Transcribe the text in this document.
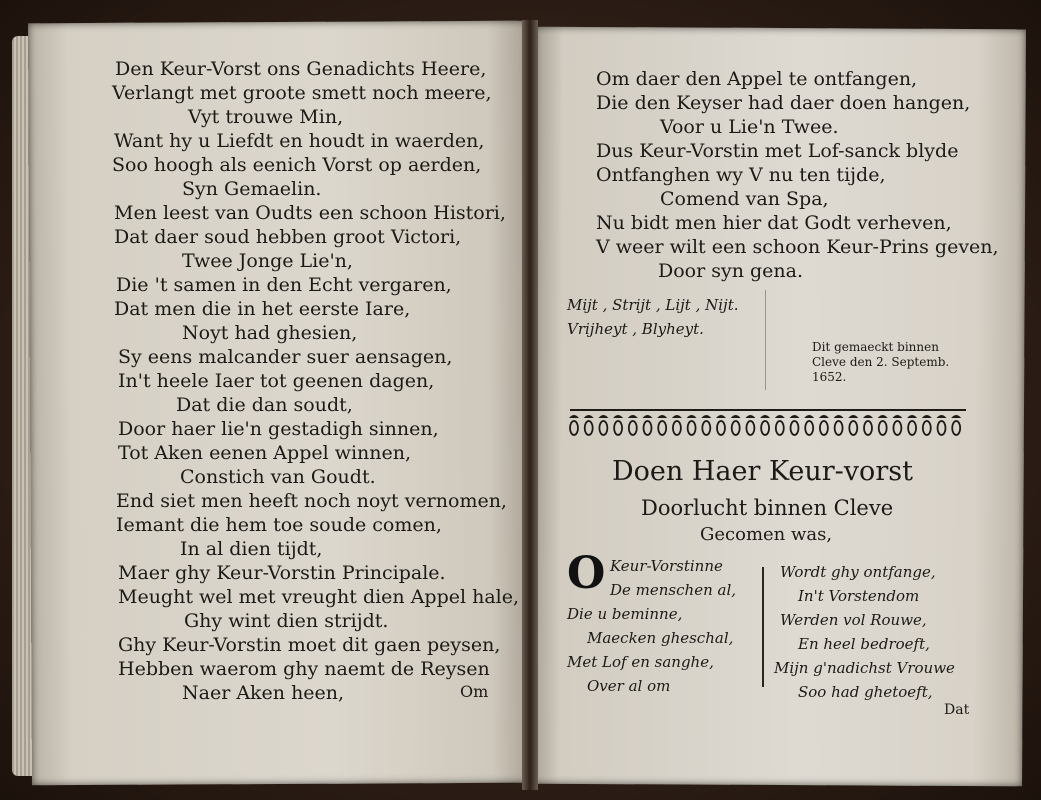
Den Keur-Vorst ons Genadichts Heere,
Verlangt met groote smett noch meere,
Vyt trouwe Min,
Want hy u Liefdt en houdt in waerden,
Soo hoogh als eenich Vorst op aerden,
Syn Gemaelin.
Men leest van Oudts een schoon Histori,
Dat daer soud hebben groot Victori,
Twee Jonge Lie'n,
Die 't samen in den Echt vergaren,
Dat men die in het eerste Iare,
Noyt had ghesien,
Sy eens malcander suer aensagen,
In't heele Iaer tot geenen dagen,
Dat die dan soudt,
Door haer lie'n gestadigh sinnen,
Tot Aken eenen Appel winnen,
Constich van Goudt.
End siet men heeft noch noyt vernomen,
Iemant die hem toe soude comen,
In al dien tijdt,
Maer ghy Keur-Vorstin Principale.
Meught wel met vreught dien Appel hale,
Ghy wint dien strijdt.
Ghy Keur-Vorstin moet dit gaen peysen,
Hebben waerom ghy naemt de Reysen
Naer Aken heen,	Om
Om daer den Appel te ontfangen,
Die den Keyser had daer doen hangen,
Voor u Lie'n Twee.
Dus Keur-Vorstin met Lof-sanck blyde
Ontfanghen wy V nu ten tijde,
Comend van Spa,
Nu bidt men hier dat Godt verheven,
V weer wilt een schoon Keur-Prins geven,
Door syn gena.
Mijt , Strijt , Lijt , Nijt.
Vrijheyt , Blyheyt.
Dit gemaeckt binnen
Cleve den 2. Septemb.
1652.
Doen Haer Keur-vorst
Doorlucht binnen Cleve
Gecomen was,
O Keur-Vorstinne
De menschen al,
Die u beminne,
Maecken gheschal,
Met Lof en sanghe,
Over al om
Wordt ghy ontfange,
In't Vorstendom
Werden vol Rouwe,
En heel bedroeft,
Mijn g'nadichst Vrouwe
Soo had ghetoeft,
Dat
